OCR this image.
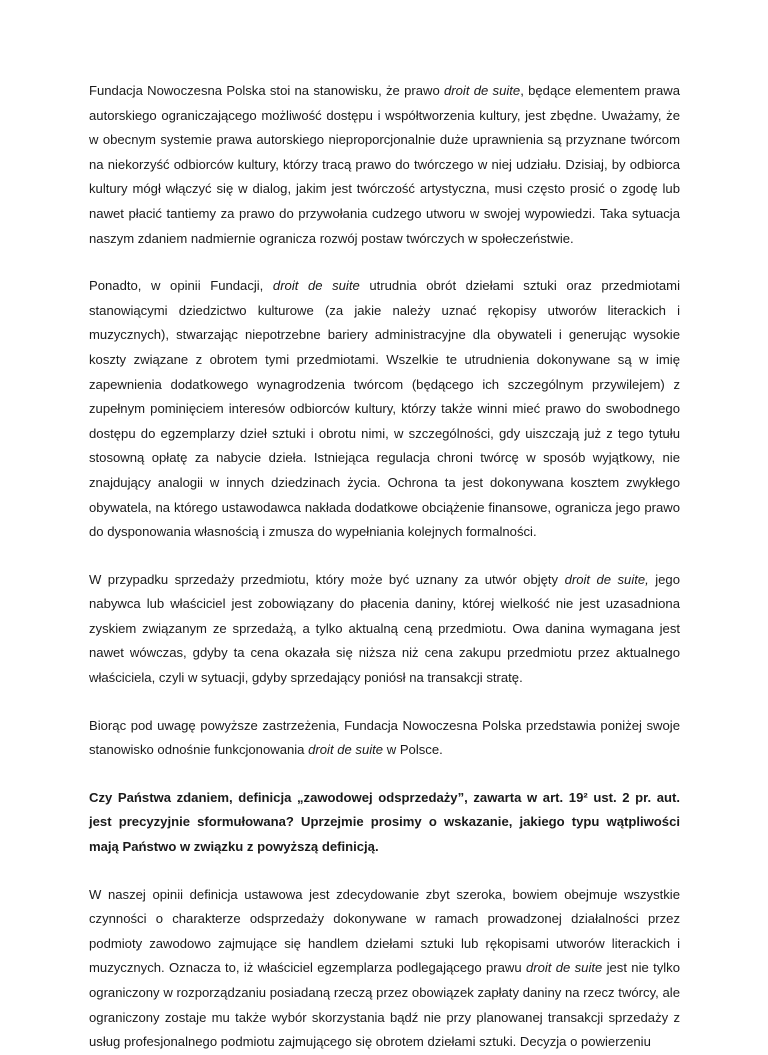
Fundacja Nowoczesna Polska stoi na stanowisku, że prawo droit de suite, będące elementem prawa autorskiego ograniczającego możliwość dostępu i współtworzenia kultury, jest zbędne. Uważamy, że w obecnym systemie prawa autorskiego nieproporcjonalnie duże uprawnienia są przyznane twórcom na niekorzyść odbiorców kultury, którzy tracą prawo do twórczego w niej udziału. Dzisiaj, by odbiorca kultury mógł włączyć się w dialog, jakim jest twórczość artystyczna, musi często prosić o zgodę lub nawet płacić tantiemy za prawo do przywołania cudzego utworu w swojej wypowiedzi. Taka sytuacja naszym zdaniem nadmiernie ogranicza rozwój postaw twórczych w społeczeństwie.

Ponadto, w opinii Fundacji, droit de suite utrudnia obrót dziełami sztuki oraz przedmiotami stanowiącymi dziedzictwo kulturowe (za jakie należy uznać rękopisy utworów literackich i muzycznych), stwarzając niepotrzebne bariery administracyjne dla obywateli i generując wysokie koszty związane z obrotem tymi przedmiotami. Wszelkie te utrudnienia dokonywane są w imię zapewnienia dodatkowego wynagrodzenia twórcom (będącego ich szczególnym przywilejem) z zupełnym pominięciem interesów odbiorców kultury, którzy także winni mieć prawo do swobodnego dostępu do egzemplarzy dzieł sztuki i obrotu nimi, w szczególności, gdy uiszczają już z tego tytułu stosowną opłatę za nabycie dzieła. Istniejąca regulacja chroni twórcę w sposób wyjątkowy, nie znajdujący analogii w innych dziedzinach życia. Ochrona ta jest dokonywana kosztem zwykłego obywatela, na którego ustawodawca nakłada dodatkowe obciążenie finansowe, ogranicza jego prawo do dysponowania własnością i zmusza do wypełniania kolejnych formalności.

W przypadku sprzedaży przedmiotu, który może być uznany za utwór objęty droit de suite, jego nabywca lub właściciel jest zobowiązany do płacenia daniny, której wielkość nie jest uzasadniona zyskiem związanym ze sprzedażą, a tylko aktualną ceną przedmiotu. Owa danina wymagana jest nawet wówczas, gdyby ta cena okazała się niższa niż cena zakupu przedmiotu przez aktualnego właściciela, czyli w sytuacji, gdyby sprzedający poniósł na transakcji stratę.

Biorąc pod uwagę powyższe zastrzeżenia, Fundacja Nowoczesna Polska przedstawia poniżej swoje stanowisko odnośnie funkcjonowania droit de suite w Polsce.

Czy Państwa zdaniem, definicja „zawodowej odsprzedaży”, zawarta w art. 19² ust. 2 pr. aut. jest precyzyjnie sformułowana? Uprzejmie prosimy o wskazanie, jakiego typu wątpliwości mają Państwo w związku z powyższą definicją.

W naszej opinii definicja ustawowa jest zdecydowanie zbyt szeroka, bowiem obejmuje wszystkie czynności o charakterze odsprzedaży dokonywane w ramach prowadzonej działalności przez podmioty zawodowo zajmujące się handlem dziełami sztuki lub rękopisami utworów literackich i muzycznych. Oznacza to, iż właściciel egzemplarza podlegającego prawu droit de suite jest nie tylko ograniczony w rozporządzaniu posiadaną rzeczą przez obowiązek zapłaty daniny na rzecz twórcy, ale ograniczony zostaje mu także wybór skorzystania bądź nie przy planowanej transakcji sprzedaży z usług profesjonalnego podmiotu zajmującego się obrotem dziełami sztuki. Decyzja o powierzeniu
